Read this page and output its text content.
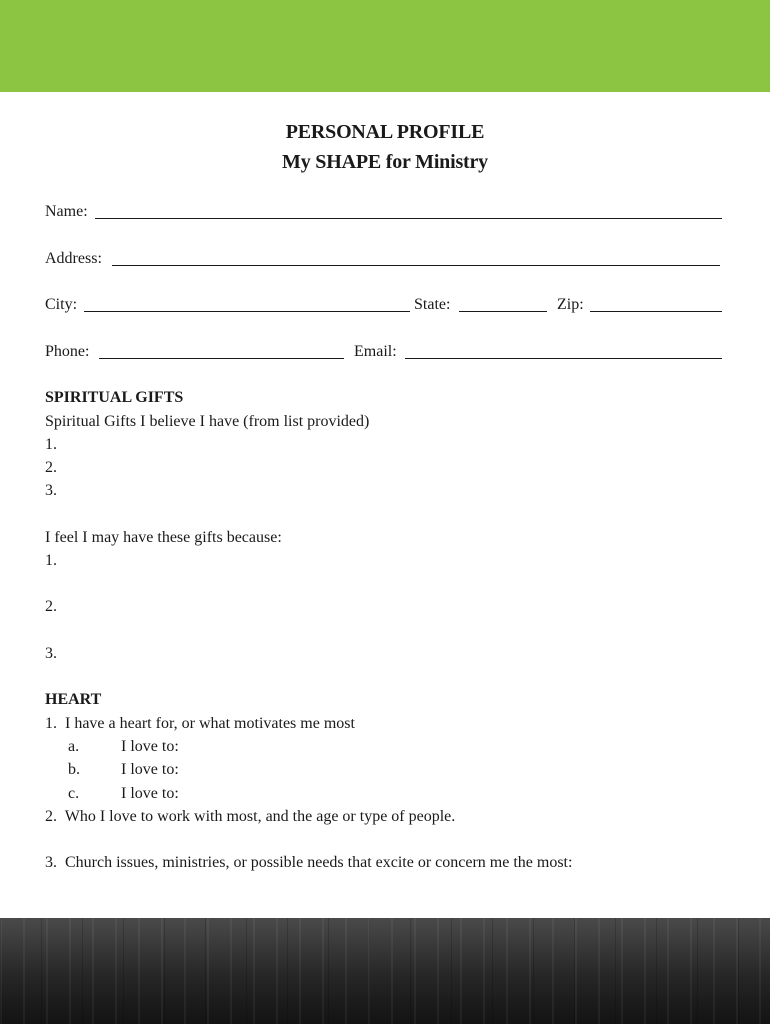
PERSONAL PROFILE
My SHAPE for Ministry
Name:
Address:
City:	State:	Zip:
Phone:	Email:
SPIRITUAL GIFTS
Spiritual Gifts I believe I have (from list provided)
1.
2.
3.
I feel I may have these gifts because:
1.
2.
3.
HEART
1.  I have a heart for, or what motivates me most
a.	I love to:
b.	I love to:
c.	I love to:
2.  Who I love to work with most, and the age or type of people.
3.  Church issues, ministries, or possible needs that excite or concern me the most:
